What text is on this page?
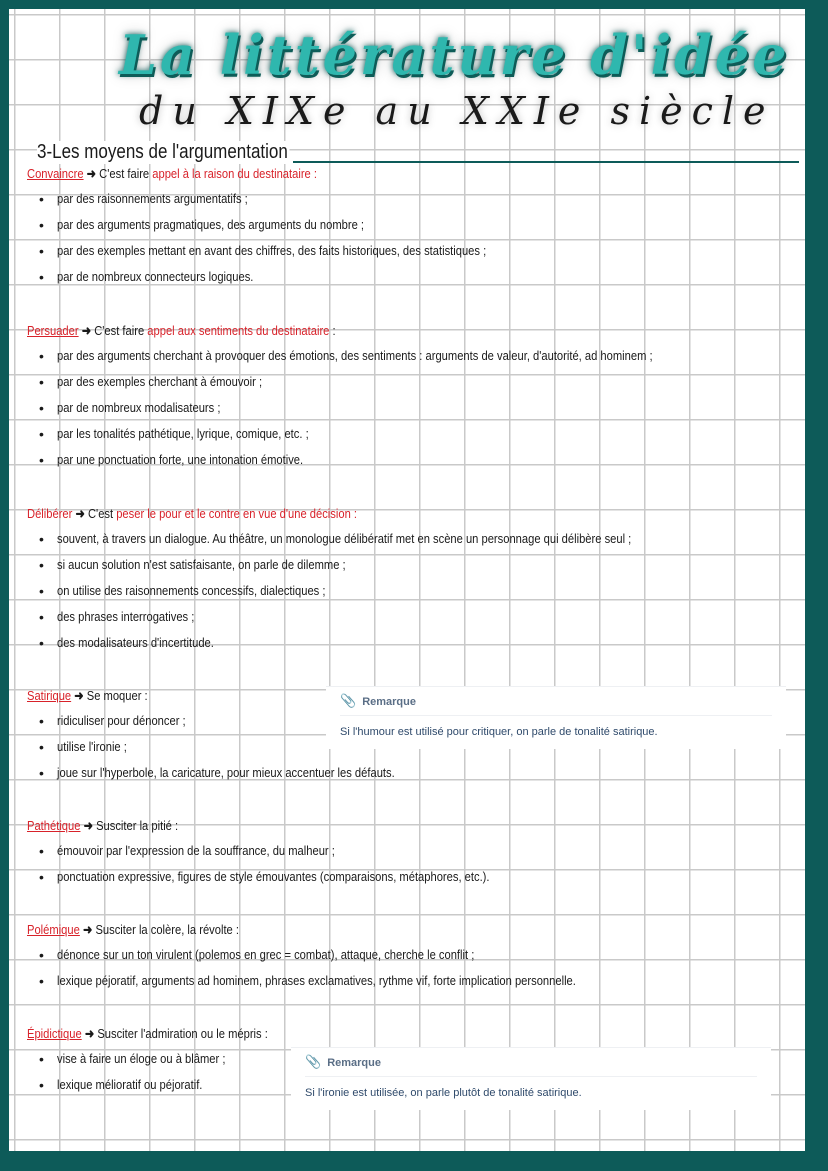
La littérature d'idée
du XIXe au XXIe siècle
3-Les moyens de l'argumentation
Convaincre ➜ C'est faire appel à la raison du destinataire :
• par des raisonnements argumentatifs ;
• par des arguments pragmatiques, des arguments du nombre ;
• par des exemples mettant en avant des chiffres, des faits historiques, des statistiques ;
• par de nombreux connecteurs logiques.
Persuader ➜ C'est faire appel aux sentiments du destinataire :
• par des arguments cherchant à provoquer des émotions, des sentiments : arguments de valeur, d'autorité, ad hominem ;
• par des exemples cherchant à émouvoir ;
• par de nombreux modalisateurs ;
• par les tonalités pathétique, lyrique, comique, etc. ;
• par une ponctuation forte, une intonation émotive.
Délibérer ➜ C'est peser le pour et le contre en vue d'une décision :
• souvent, à travers un dialogue. Au théâtre, un monologue délibératif met en scène un personnage qui délibère seul ;
• si aucun solution n'est satisfaisante, on parle de dilemme ;
• on utilise des raisonnements concessifs, dialectiques ;
• des phrases interrogatives ;
• des modalisateurs d'incertitude.
Satirique ➜ Se moquer :
• ridiculiser pour dénoncer ;
• utilise l'ironie ;
• joue sur l'hyperbole, la caricature, pour mieux accentuer les défauts.
Pathétique ➜ Susciter la pitié :
• émouvoir par l'expression de la souffrance, du malheur ;
• ponctuation expressive, figures de style émouvantes (comparaisons, métaphores, etc.).
Polémique ➜ Susciter la colère, la révolte :
• dénonce sur un ton virulent (polemos en grec = combat), attaque, cherche le conflit ;
• lexique péjoratif, arguments ad hominem, phrases exclamatives, rythme vif, forte implication personnelle.
Épidictique ➜ Susciter l'admiration ou le mépris :
• vise à faire un éloge ou à blâmer ;
• lexique mélioratif ou péjoratif.
📎 Remarque
Si l'humour est utilisé pour critiquer, on parle de tonalité satirique.
📎 Remarque
Si l'ironie est utilisée, on parle plutôt de tonalité satirique.
